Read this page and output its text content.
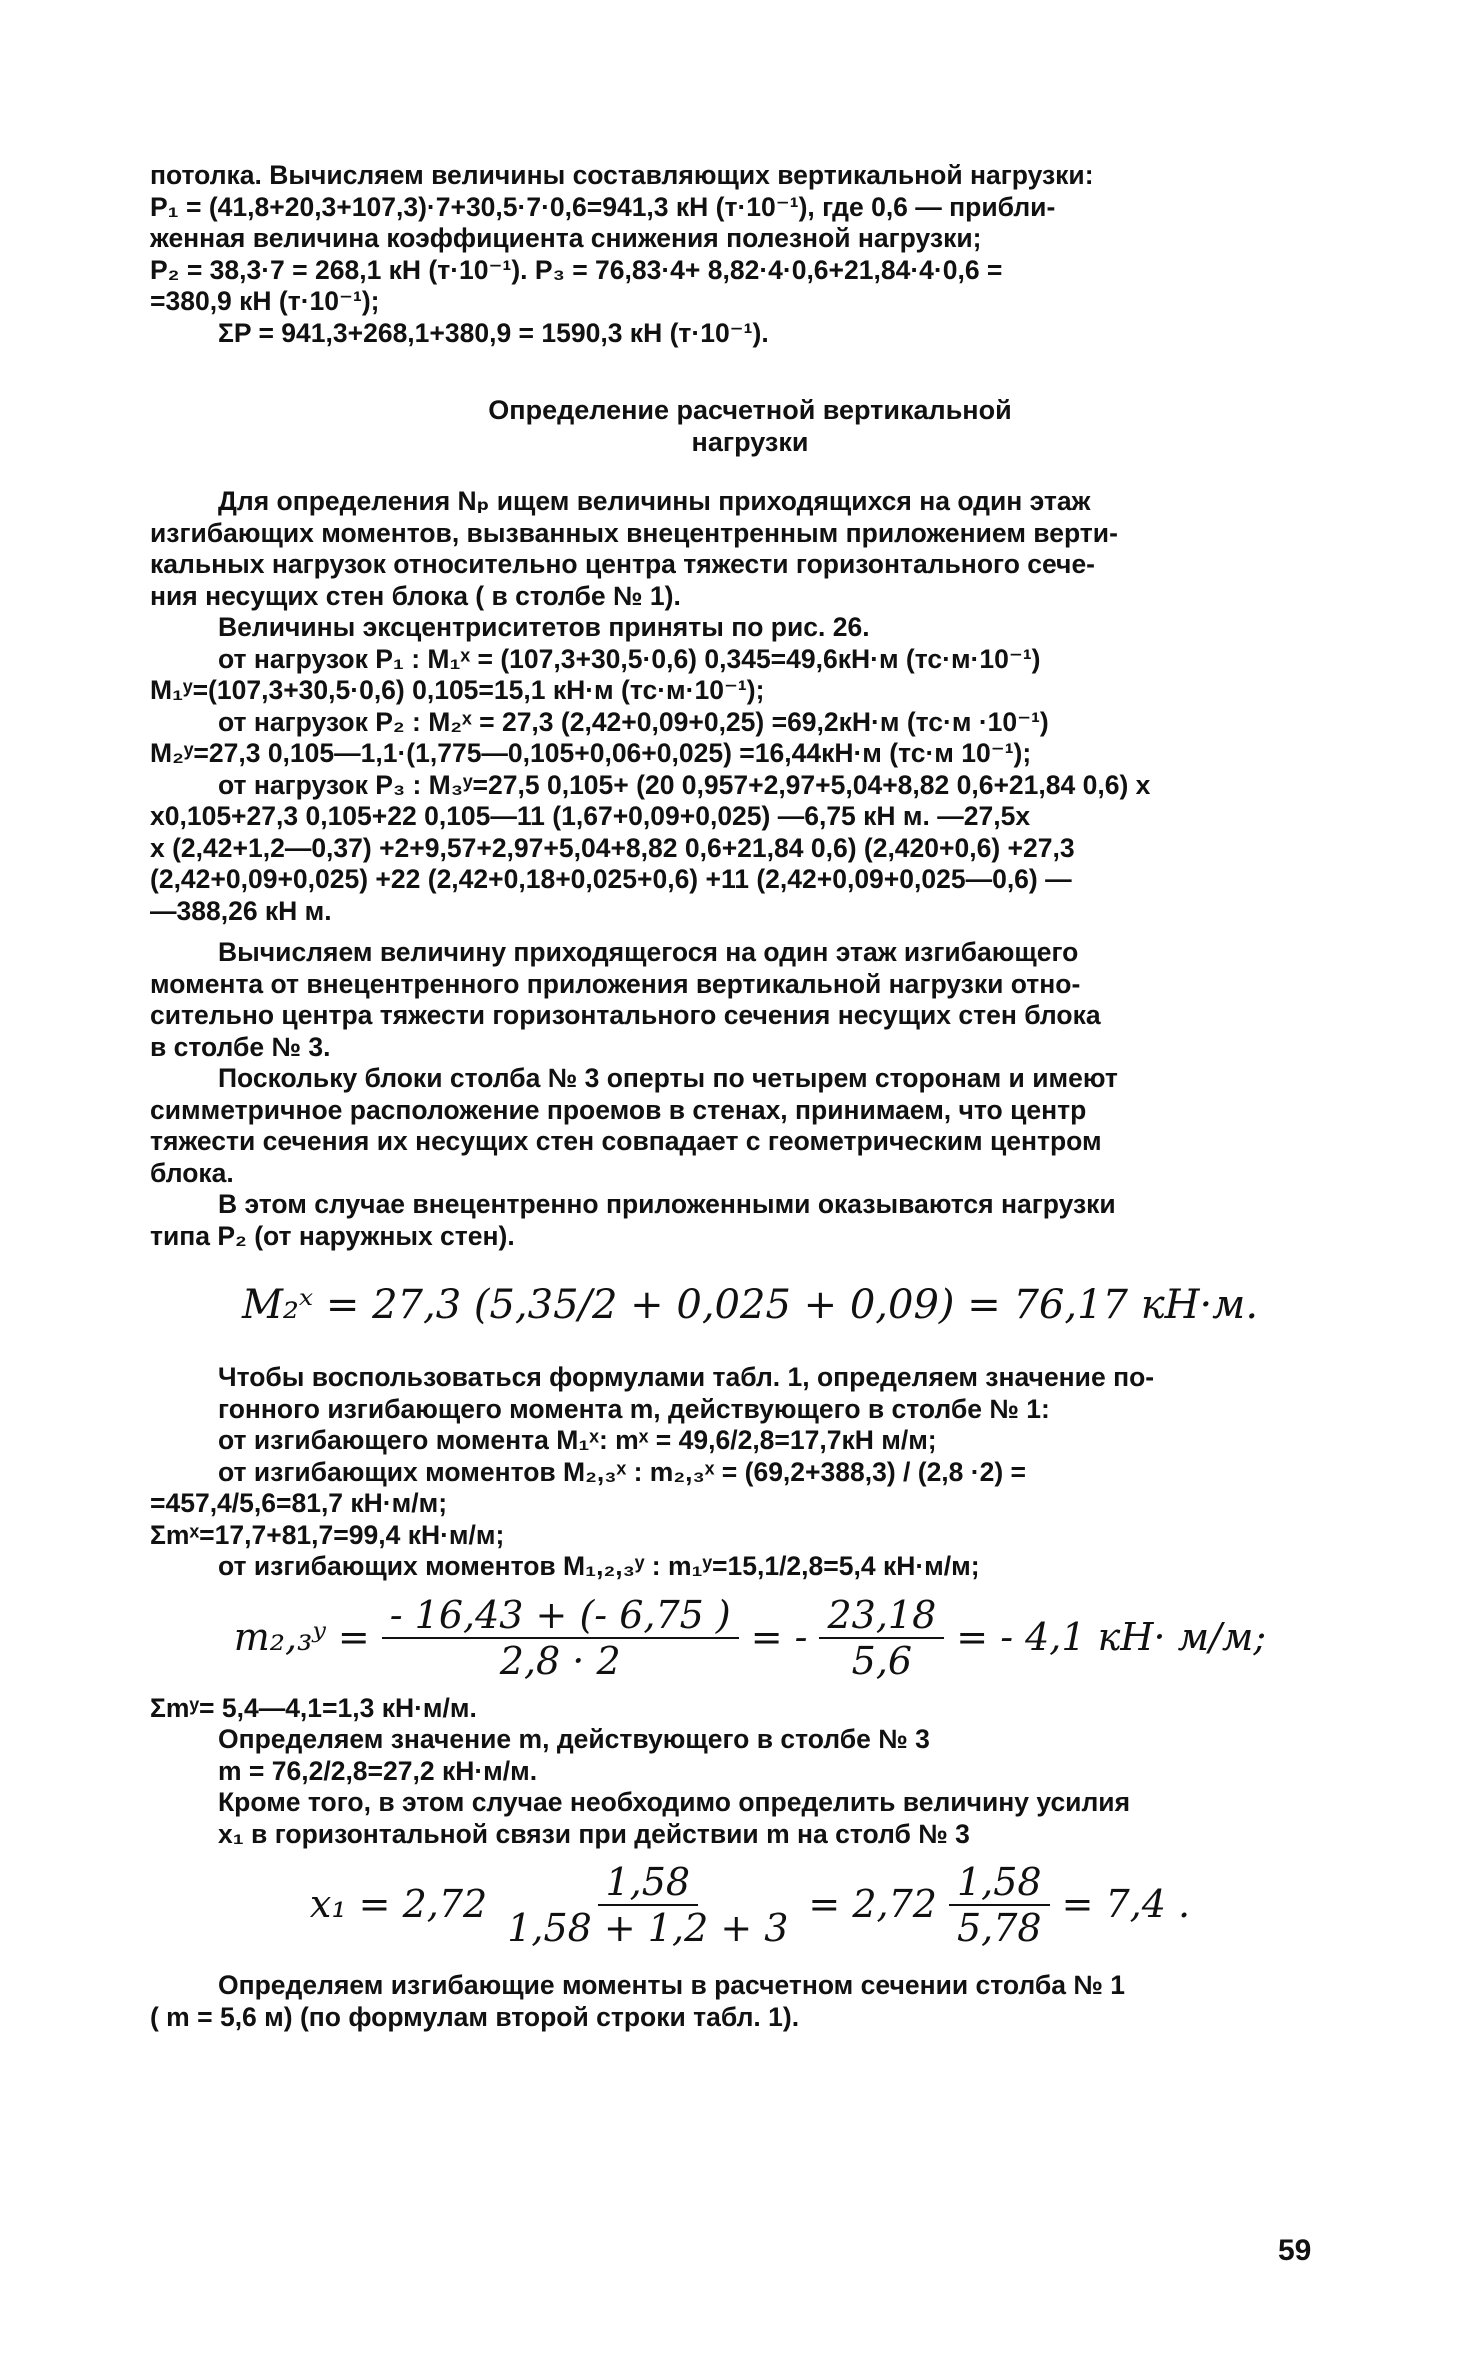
потолка. Вычисляем величины составляющих вертикальной нагрузки:
P₁ = (41,8+20,3+107,3)·7+30,5·7·0,6=941,3 кН (т·10⁻¹), где 0,6 — прибли-
женная величина коэффициента снижения полезной нагрузки;
P₂ = 38,3·7 = 268,1 кН (т·10⁻¹). P₃ = 76,83·4+ 8,82·4·0,6+21,84·4·0,6 =
=380,9 кН (т·10⁻¹);
ΣP = 941,3+268,1+380,9 = 1590,3 кН (т·10⁻¹).
Определение расчетной вертикальной
нагрузки
Для определения Nₚ ищем величины приходящихся на один этаж
изгибающих моментов, вызванных внецентренным приложением верти-
кальных нагрузок относительно центра тяжести горизонтального сече-
ния несущих стен блока ( в столбе № 1).
Величины эксцентриситетов приняты по рис. 26.
от нагрузок P₁ : M₁ˣ = (107,3+30,5·0,6) 0,345=49,6кН·м (тс·м·10⁻¹)
M₁ʸ=(107,3+30,5·0,6) 0,105=15,1 кН·м (тс·м·10⁻¹);
от нагрузок P₂ : M₂ˣ = 27,3 (2,42+0,09+0,25) =69,2кН·м (тс·м ·10⁻¹)
M₂ʸ=27,3 0,105—1,1·(1,775—0,105+0,06+0,025) =16,44кН·м (тс·м 10⁻¹);
от нагрузок P₃ : M₃ʸ=27,5 0,105+ (20 0,957+2,97+5,04+8,82 0,6+21,84 0,6) x
x0,105+27,3 0,105+22 0,105—11 (1,67+0,09+0,025) —6,75 кН м. —27,5x
x (2,42+1,2—0,37) +2+9,57+2,97+5,04+8,82 0,6+21,84 0,6) (2,420+0,6) +27,3
(2,42+0,09+0,025) +22 (2,42+0,18+0,025+0,6) +11 (2,42+0,09+0,025—0,6) —
—388,26 кН м.
Вычисляем величину приходящегося на один этаж изгибающего
момента от внецентренного приложения вертикальной нагрузки отно-
сительно центра тяжести горизонтального сечения несущих стен блока
в столбе № 3.
Поскольку блоки столба № 3 оперты по четырем сторонам и имеют
симметричное расположение проемов в стенах, принимаем, что центр
тяжести сечения их несущих стен совпадает с геометрическим центром
блока.
В этом случае внецентренно приложенными оказываются нагрузки
типа P₂ (от наружных стен).
M₂ˣ = 27,3 (5,35/2 + 0,025 + 0,09) = 76,17 кН·м.
Чтобы воспользоваться формулами табл. 1, определяем значение по-
гонного изгибающего момента m, действующего в столбе № 1:
от изгибающего момента M₁ˣ: mˣ = 49,6/2,8=17,7кН м/м;
от изгибающих моментов M₂,₃ˣ : m₂,₃ˣ = (69,2+388,3) / (2,8 ·2) =
=457,4/5,6=81,7 кН·м/м;
Σmˣ=17,7+81,7=99,4 кН·м/м;
от изгибающих моментов M₁,₂,₃ʸ : m₁ʸ=15,1/2,8=5,4 кН·м/м;
m₂,₃ʸ = $\frac{- 16,43 + (- 6,75 )}{2,8 \cdot 2}$ = - $\frac{23,18}{5,6}$ = - 4,1 кН· м/м;
Σmʸ= 5,4—4,1=1,3 кН·м/м.
Определяем значение m, действующего в столбе № 3
m = 76,2/2,8=27,2 кН·м/м.
Кроме того, в этом случае необходимо определить величину усилия
x₁ в горизонтальной связи при действии m на столб № 3
$x_1 = 2,72 \frac{1,58}{1,58 + 1,2 + 3} = 2,72 \frac{1,58}{5,78} = 7,4$ .
Определяем изгибающие моменты в расчетном сечении столба № 1
( m = 5,6 м) (по формулам второй строки табл. 1).
59
